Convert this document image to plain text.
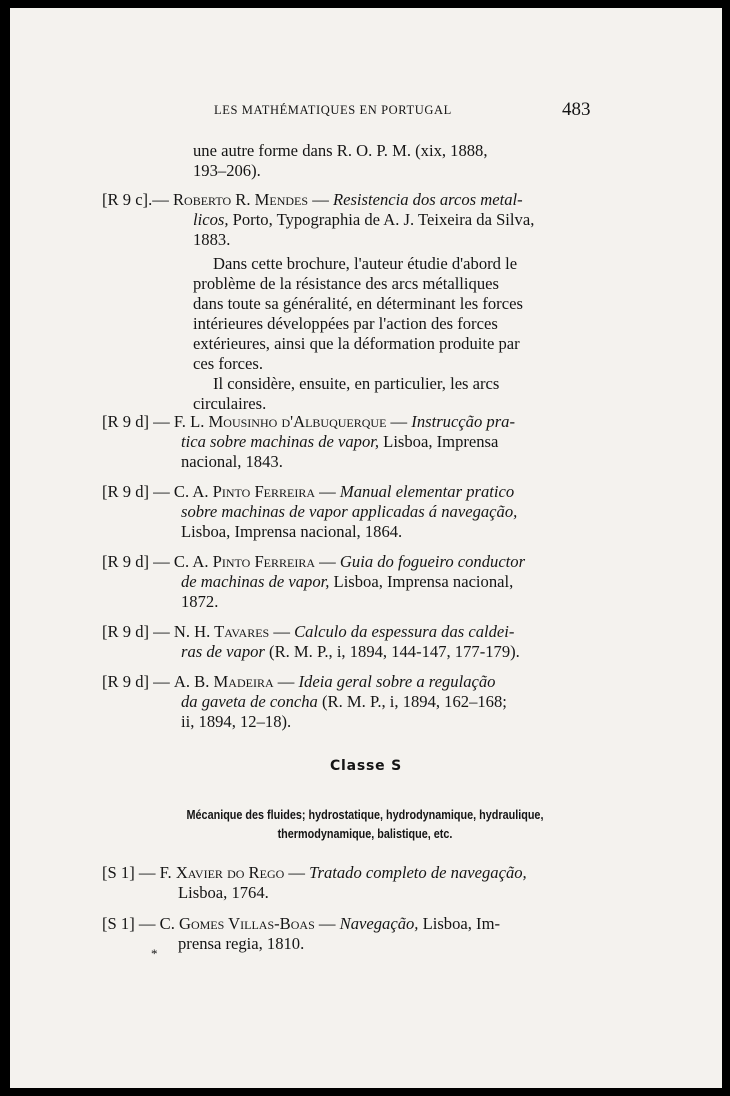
LES MATHÉMATIQUES EN PORTUGAL	483
une autre forme dans R. O. P. M. (xix, 1888,
193–206).
[R 9 c].— Roberto R. Mendes — Resistencia dos arcos metal-
licos, Porto, Typographia de A. J. Teixeira da Silva,
1883.
Dans cette brochure, l'auteur étudie d'abord le
problème de la résistance des arcs métalliques
dans toute sa généralité, en déterminant les forces
intérieures développées par l'action des forces
extérieures, ainsi que la déformation produite par
ces forces.
Il considère, ensuite, en particulier, les arcs
circulaires.
[R 9 d] — F. L. Mousinho d'Albuquerque — Instrucção pra-
tica sobre machinas de vapor, Lisboa, Imprensa
nacional, 1843.
[R 9 d] — C. A. Pinto Ferreira — Manual elementar pratico
sobre machinas de vapor applicadas á navegação,
Lisboa, Imprensa nacional, 1864.
[R 9 d] — C. A. Pinto Ferreira — Guia do fogueiro conductor
de machinas de vapor, Lisboa, Imprensa nacional,
1872.
[R 9 d] — N. H. Tavares — Calculo da espessura das caldei-
ras de vapor (R. M. P., i, 1894, 144-147, 177-179).
[R 9 d] — A. B. Madeira — Ideia geral sobre a regulação
da gaveta de concha (R. M. P., i, 1894, 162–168;
ii, 1894, 12–18).
Classe S
Mécanique des fluides; hydrostatique, hydrodynamique, hydraulique,
thermodynamique, balistique, etc.
[S 1] — F. Xavier do Rego — Tratado completo de navegação,
Lisboa, 1764.
[S 1] — C. Gomes Villas-Boas — Navegação, Lisboa, Im-
prensa regia, 1810.
*
